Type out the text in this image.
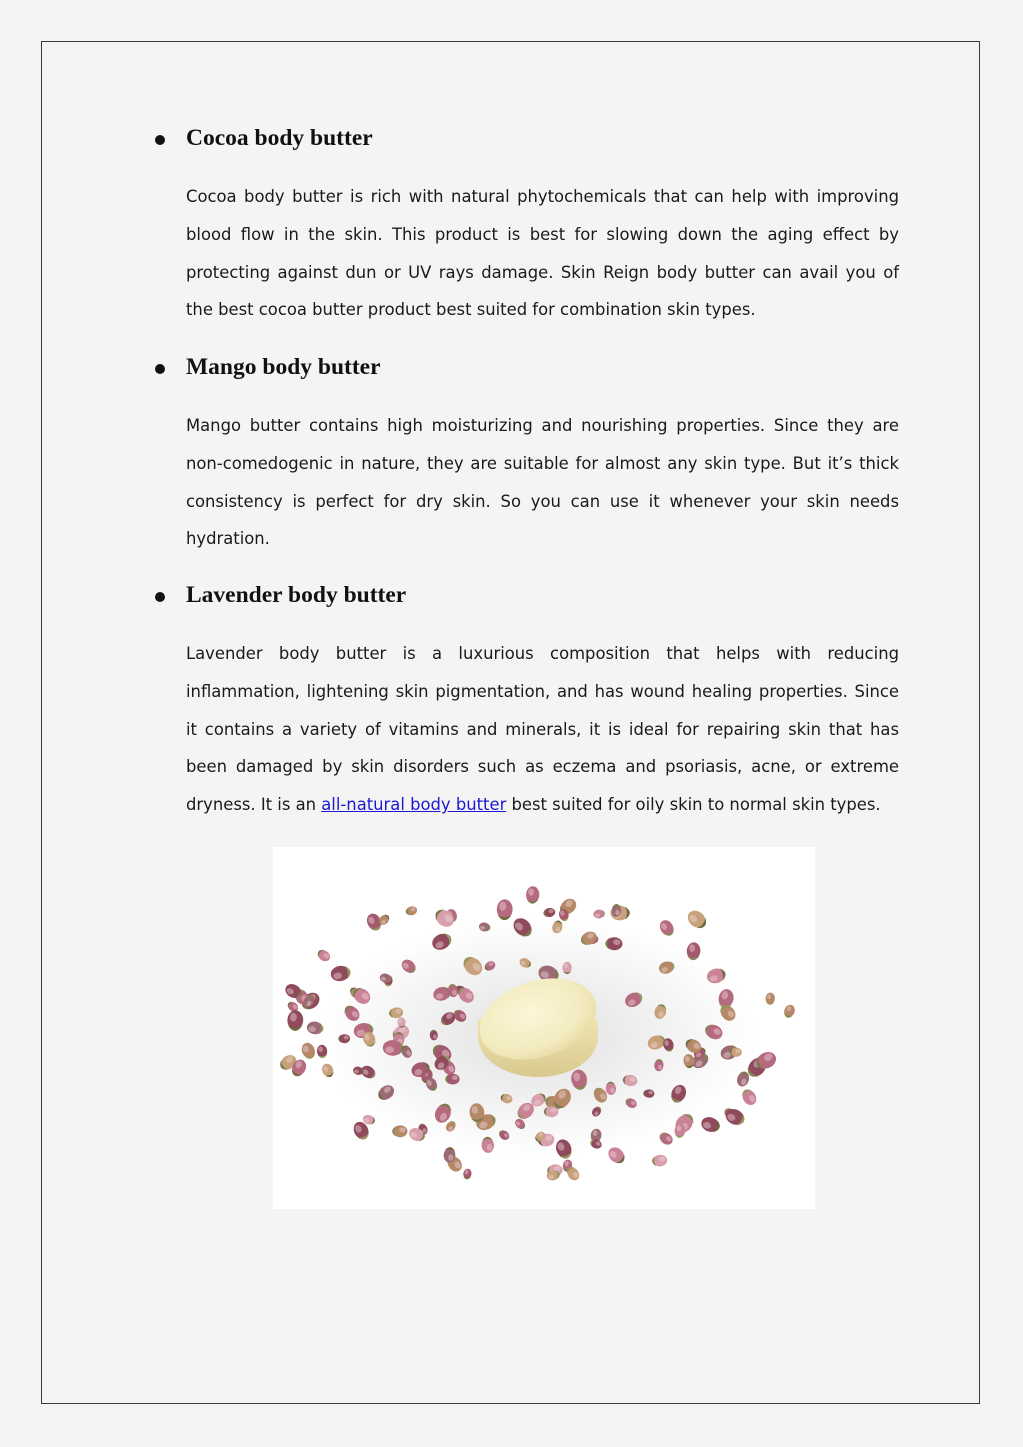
Cocoa body butter
Cocoa body butter is rich with natural phytochemicals that can help with improving
blood flow in the skin. This product is best for slowing down the aging effect by
protecting against dun or UV rays damage. Skin Reign body butter can avail you of
the best cocoa butter product best suited for combination skin types.
Mango body butter
Mango butter contains high moisturizing and nourishing properties. Since they are
non-comedogenic in nature, they are suitable for almost any skin type. But it’s thick
consistency is perfect for dry skin. So you can use it whenever your skin needs
hydration.
Lavender body butter
Lavender body butter is a luxurious composition that helps with reducing
inflammation, lightening skin pigmentation, and has wound healing properties. Since
it contains a variety of vitamins and minerals, it is ideal for repairing skin that has
been damaged by skin disorders such as eczema and psoriasis, acne, or extreme
dryness. It is an all-natural body butter best suited for oily skin to normal skin types.
